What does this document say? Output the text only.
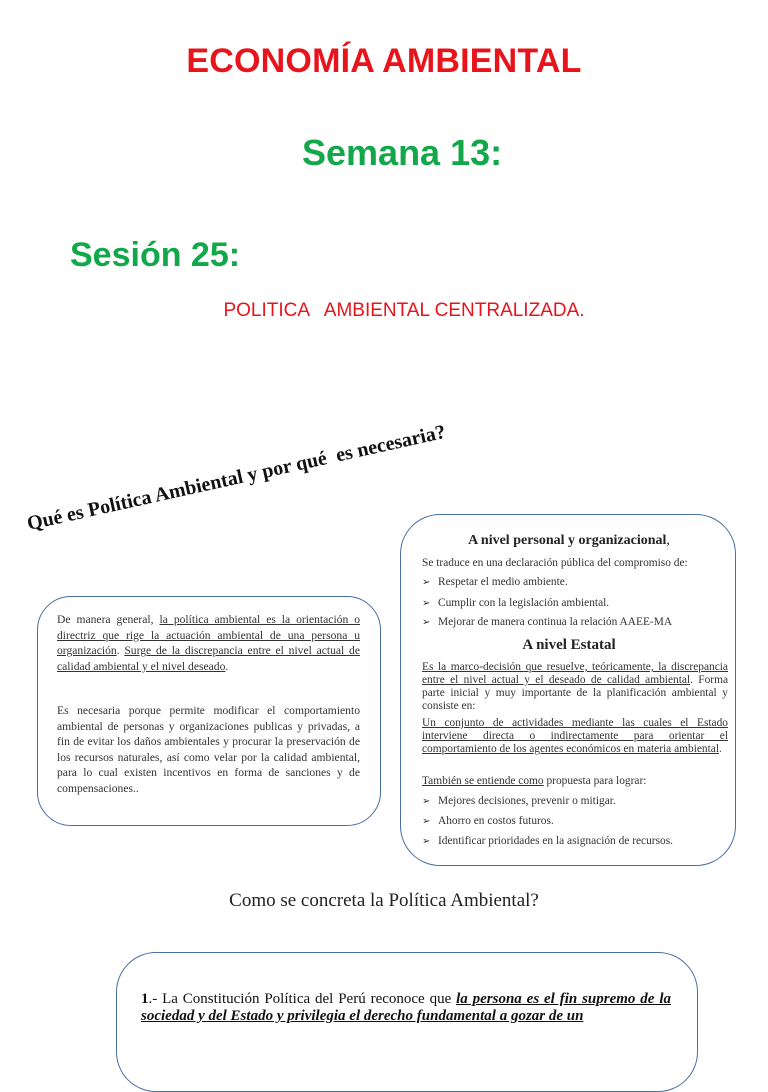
ECONOMÍA AMBIENTAL
Semana 13:
Sesión 25:
POLITICA   AMBIENTAL CENTRALIZADA.
Qué es Política Ambiental y por qué  es necesaria?
De manera general, la política ambiental es la orientación o directriz que rige la actuación ambiental de una persona u organización. Surge de la discrepancia entre el nivel actual de calidad ambiental y el nivel deseado.
Es necesaria porque permite modificar el comportamiento ambiental de personas y organizaciones publicas y privadas, a fin de evitar los daños ambientales y procurar la preservación de los recursos naturales, así como velar por la calidad ambiental, para lo cual existen incentivos en forma de sanciones y de compensaciones..
A nivel personal y organizacional,
Se traduce en una declaración pública del compromiso de:
➢ Respetar el medio ambiente.
➢ Cumplir con la legislación ambiental.
➢ Mejorar de manera continua la relación AAEE-MA
A nivel Estatal
Es la marco-decisión que resuelve, teóricamente, la discrepancia entre el nivel actual y el deseado de calidad ambiental. Forma parte inicial y muy importante de la planificación ambiental y consiste en:
Un conjunto de actividades mediante las cuales el Estado interviene directa o indirectamente para orientar el comportamiento de los agentes económicos en materia ambiental.
También se entiende como propuesta para lograr:
➢ Mejores decisiones, prevenir o mitigar.
➢ Ahorro en costos futuros.
➢ Identificar prioridades en la asignación de recursos.
Como se concreta la Política Ambiental?
1.- La Constitución Política del Perú reconoce que la persona es el fin supremo de la sociedad y del Estado y privilegia el derecho fundamental a gozar de un
